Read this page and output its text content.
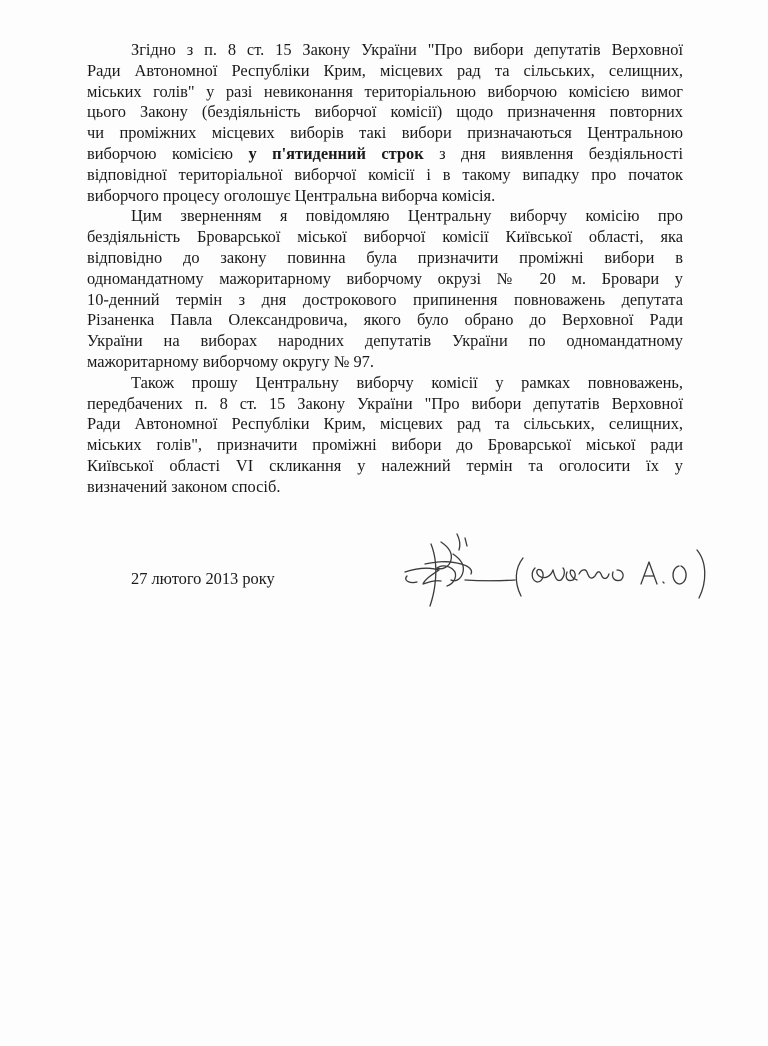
Згідно з п. 8 ст. 15 Закону України "Про вибори депутатів Верховної
Ради Автономної Республіки Крим, місцевих рад та сільських, селищних,
міських голів" у разі невиконання територіальною виборчою комісією вимог
цього Закону (бездіяльність виборчої комісії) щодо призначення повторних
чи проміжних місцевих виборів такі вибори призначаються Центральною
виборчою комісією у п'ятиденний строк з дня виявлення бездіяльності
відповідної територіальної виборчої комісії і в такому випадку про початок
виборчого процесу оголошує Центральна виборча комісія.

Цим зверненням я повідомляю Центральну виборчу комісію про
бездіяльність Броварської міської виборчої комісії Київської області, яка
відповідно до закону повинна була призначити проміжні вибори в
одномандатному мажоритарному виборчому окрузі № 20 м. Бровари у
10-денний термін з дня дострокового припинення повноважень депутата
Різаненка Павла Олександровича, якого було обрано до Верховної Ради
України на виборах народних депутатів України по одномандатному
мажоритарному виборчому округу № 97.

Також прошу Центральну виборчу комісії у рамках повноважень,
передбачених п. 8 ст. 15 Закону України "Про вибори депутатів Верховної
Ради Автономної Республіки Крим, місцевих рад та сільських, селищних,
міських голів", призначити проміжні вибори до Броварської міської ради
Київської області VI скликання у належний термін та оголосити їх у
визначений законом спосіб.

27 лютого 2013 року
